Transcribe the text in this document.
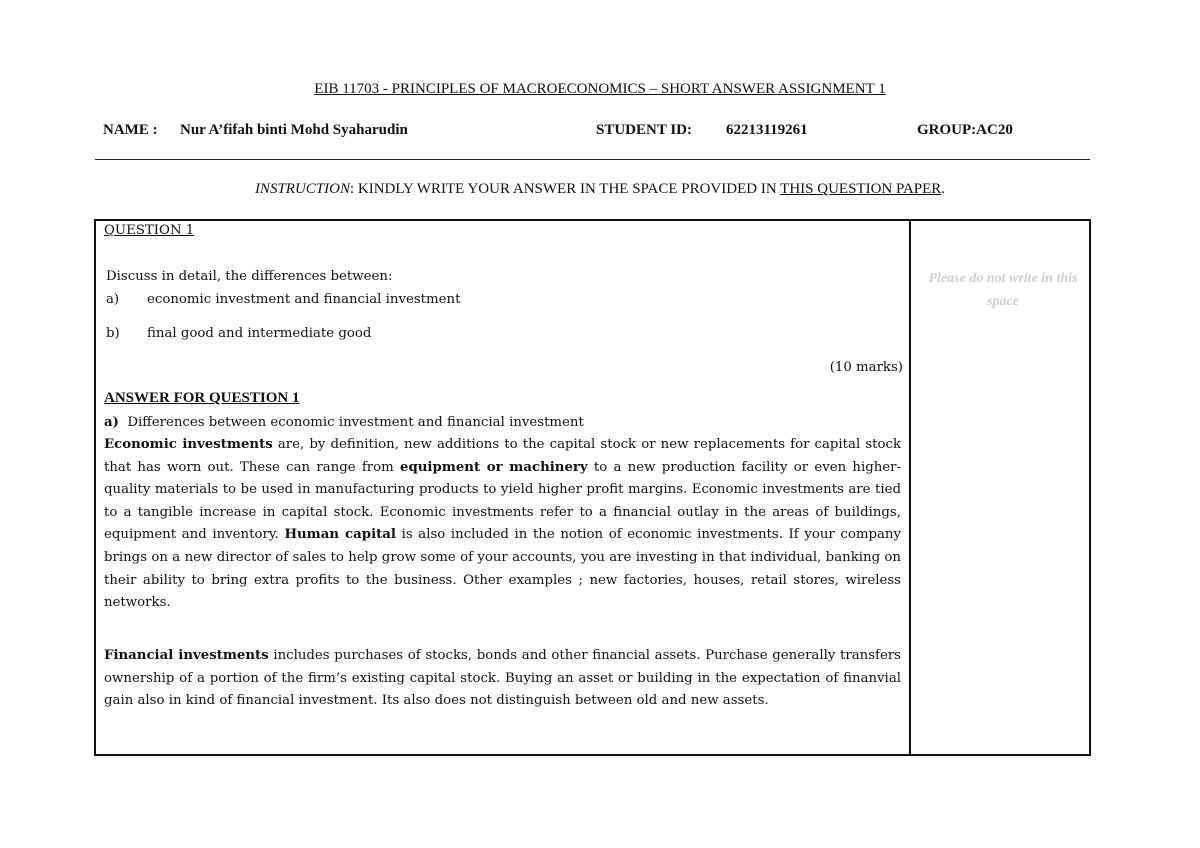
EIB 11703 - PRINCIPLES OF MACROECONOMICS – SHORT ANSWER ASSIGNMENT 1
NAME :	Nur A’fifah binti Mohd Syaharudin	STUDENT ID: 62213119261	GROUP:AC20
INSTRUCTION: KINDLY WRITE YOUR ANSWER IN THE SPACE PROVIDED IN THIS QUESTION PAPER.
Please do not write in this space
QUESTION 1
Discuss in detail, the differences between:
a) economic investment and financial investment
b) final good and intermediate good
(10 marks)
ANSWER FOR QUESTION 1
a) Differences between economic investment and financial investment
Economic investments are, by definition, new additions to the capital stock or new replacements for capital stock that has worn out. These can range from equipment or machinery to a new production facility or even higher-quality materials to be used in manufacturing products to yield higher profit margins. Economic investments are tied to a tangible increase in capital stock. Economic investments refer to a financial outlay in the areas of buildings, equipment and inventory. Human capital is also included in the notion of economic investments. If your company brings on a new director of sales to help grow some of your accounts, you are investing in that individual, banking on their ability to bring extra profits to the business. Other examples ; new factories, houses, retail stores, wireless networks.
Financial investments includes purchases of stocks, bonds and other financial assets. Purchase generally transfers ownership of a portion of the firm’s existing capital stock. Buying an asset or building in the expectation of finanvial gain also in kind of financial investment. Its also does not distinguish between old and new assets.
